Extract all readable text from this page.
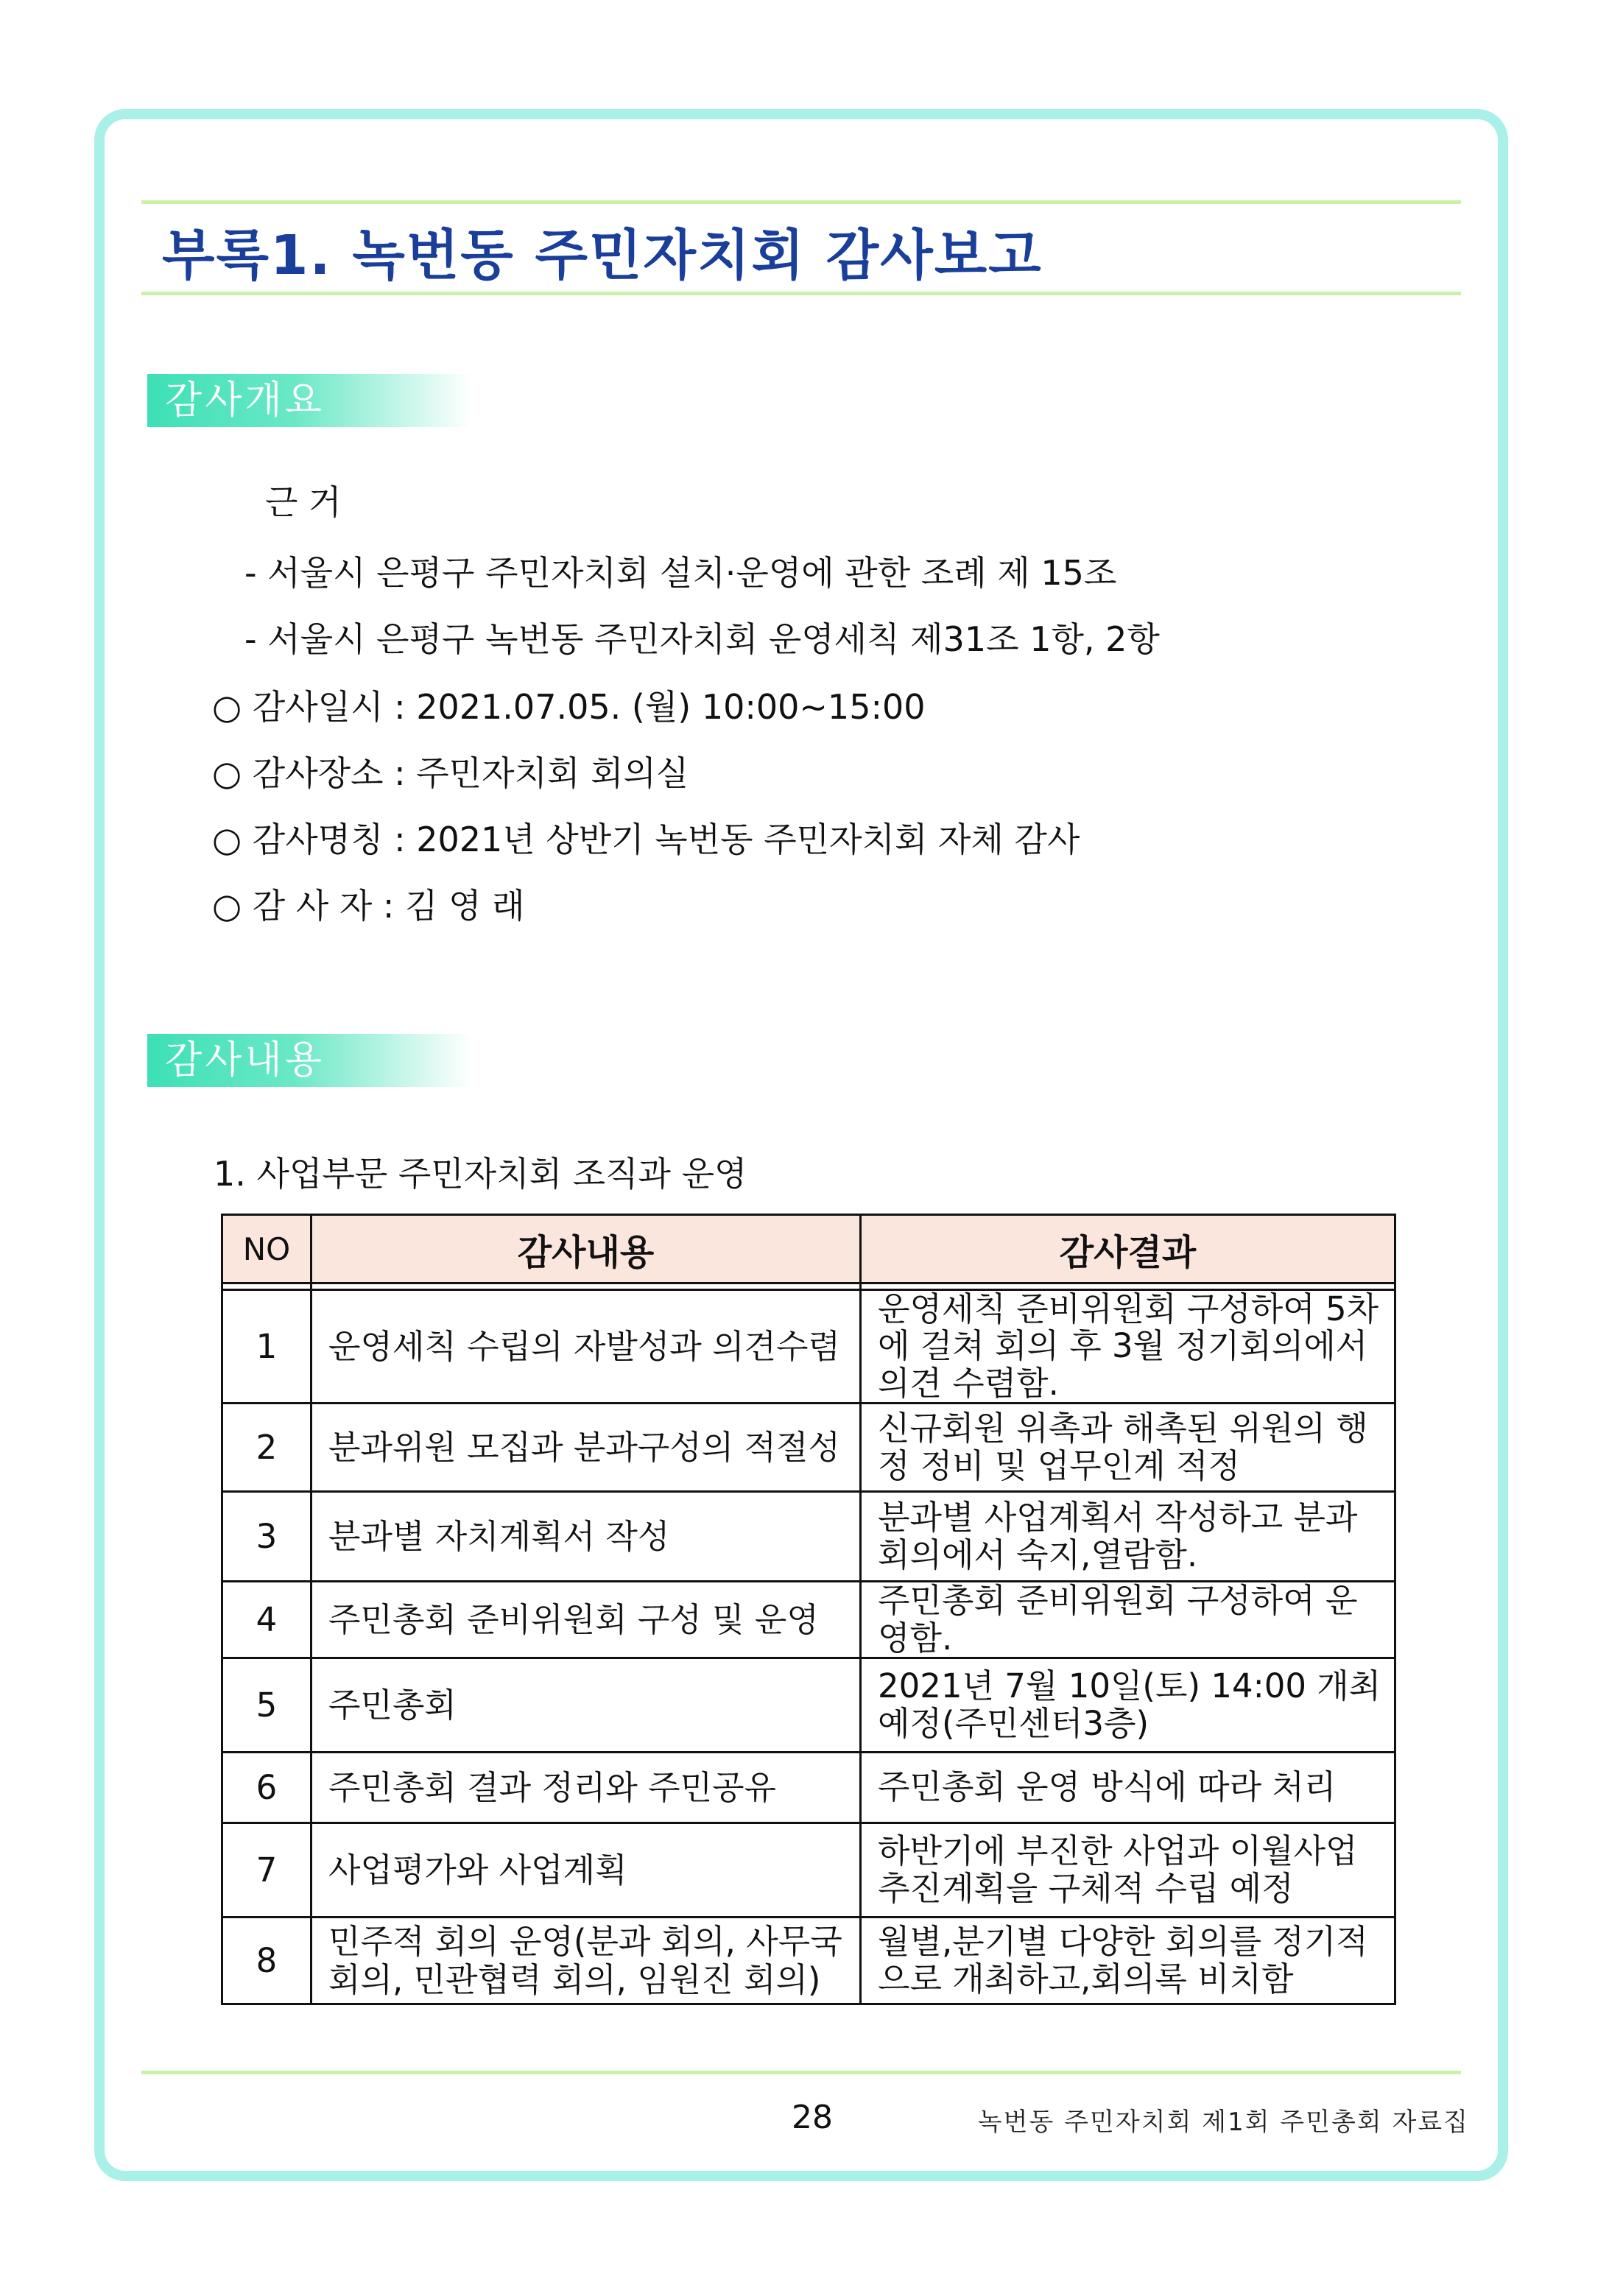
부록1. 녹번동 주민자치회 감사보고
감사개요
근 거
- 서울시 은평구 주민자치회 설치·운영에 관한 조례 제 15조
- 서울시 은평구 녹번동 주민자치회 운영세칙 제31조 1항, 2항
○ 감사일시 : 2021.07.05. (월) 10:00~15:00
○ 감사장소 : 주민자치회 회의실
○ 감사명칭 : 2021년 상반기 녹번동 주민자치회 자체 감사
○ 감 사 자 : 김 영 래
감사내용
1. 사업부문 주민자치회 조직과 운영
NO	감사내용	감사결과

1	운영세칙 수립의 자발성과 의견수렴	운영세칙 준비위원회 구성하여 5차에 걸쳐 회의 후 3월 정기회의에서 의견 수렴함.
2	분과위원 모집과 분과구성의 적절성	신규회원 위촉과 해촉된 위원의 행정 정비 및 업무인계 적정
3	분과별 자치계획서 작성	분과별 사업계획서 작성하고 분과회의에서 숙지,열람함.
4	주민총회 준비위원회 구성 및 운영	주민총회 준비위원회 구성하여 운영함.
5	주민총회	2021년 7월 10일(토) 14:00 개최예정(주민센터3층)
6	주민총회 결과 정리와 주민공유	주민총회 운영 방식에 따라 처리
7	사업평가와 사업계획	하반기에 부진한 사업과 이월사업 추진계획을 구체적 수립 예정
8	민주적 회의 운영(분과 회의, 사무국 회의, 민관협력 회의, 임원진 회의)	월별,분기별 다양한 회의를 정기적으로 개최하고,회의록 비치함
28	녹번동 주민자치회 제1회 주민총회 자료집
